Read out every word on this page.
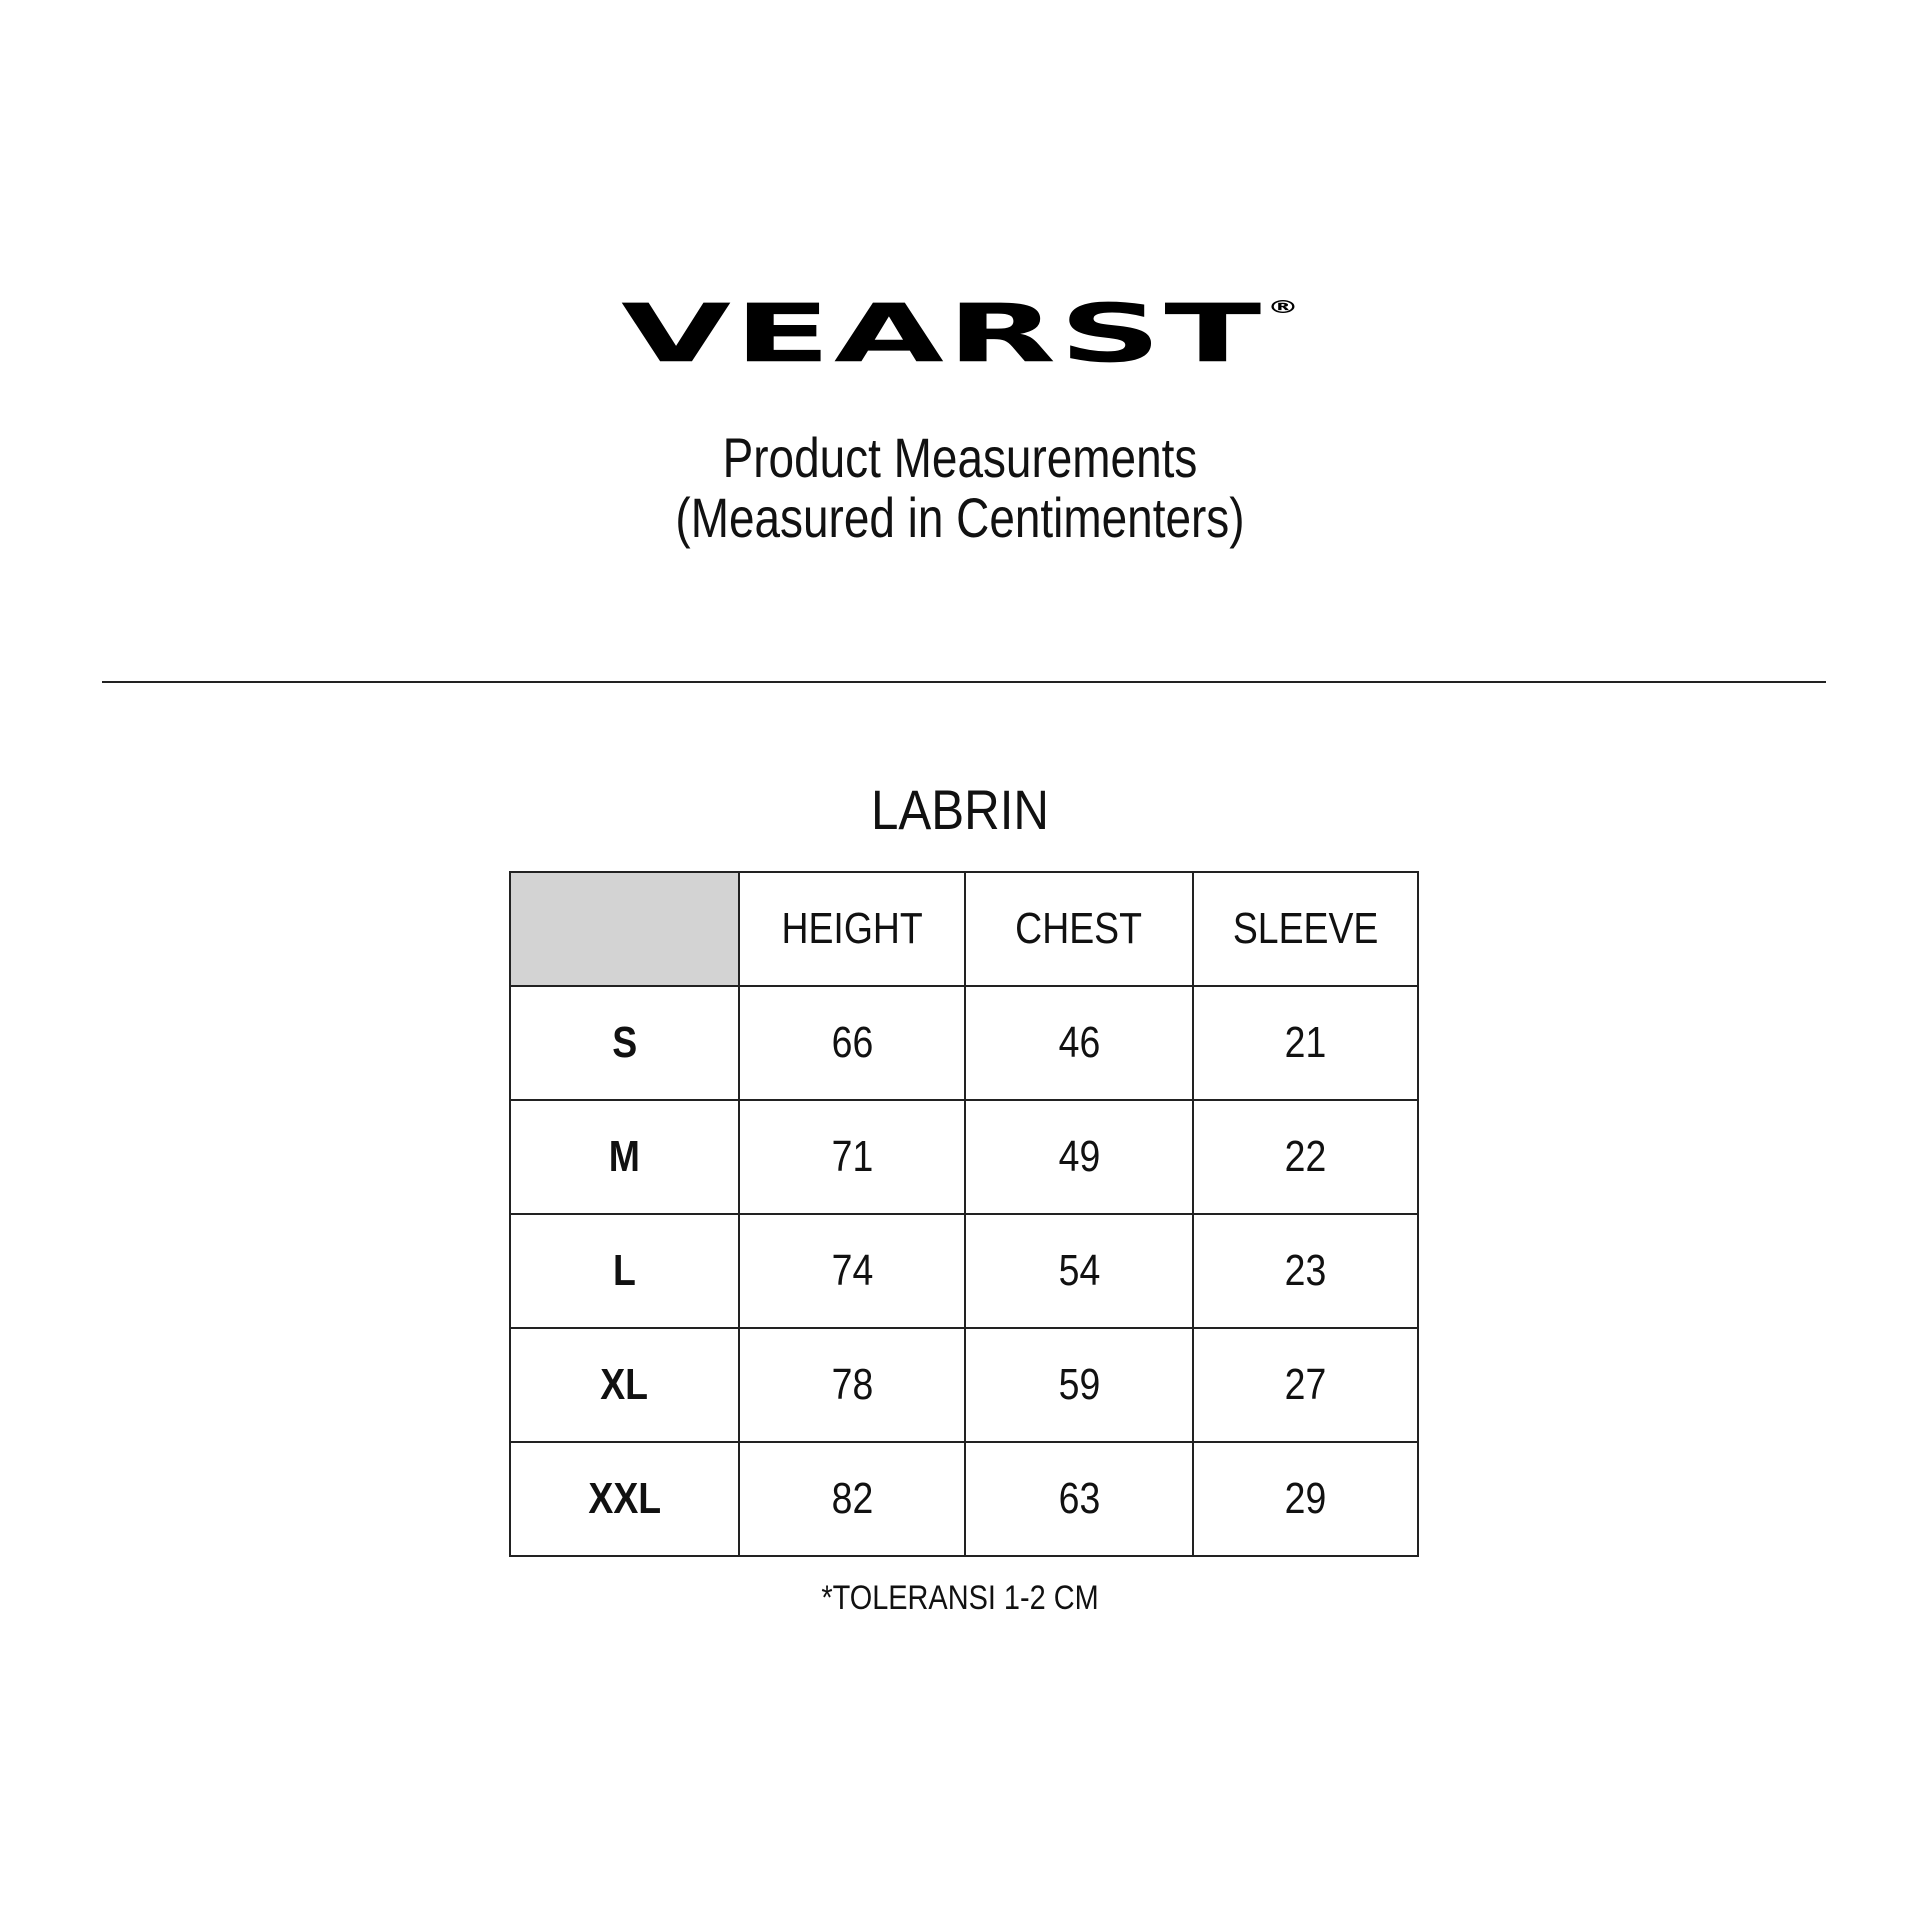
VEARST ®
Product Measurements
(Measured in Centimenters)
LABRIN
	HEIGHT	CHEST	SLEEVE
S	66	46	21
M	71	49	22
L	74	54	23
XL	78	59	27
XXL	82	63	29
*TOLERANSI 1-2 CM
